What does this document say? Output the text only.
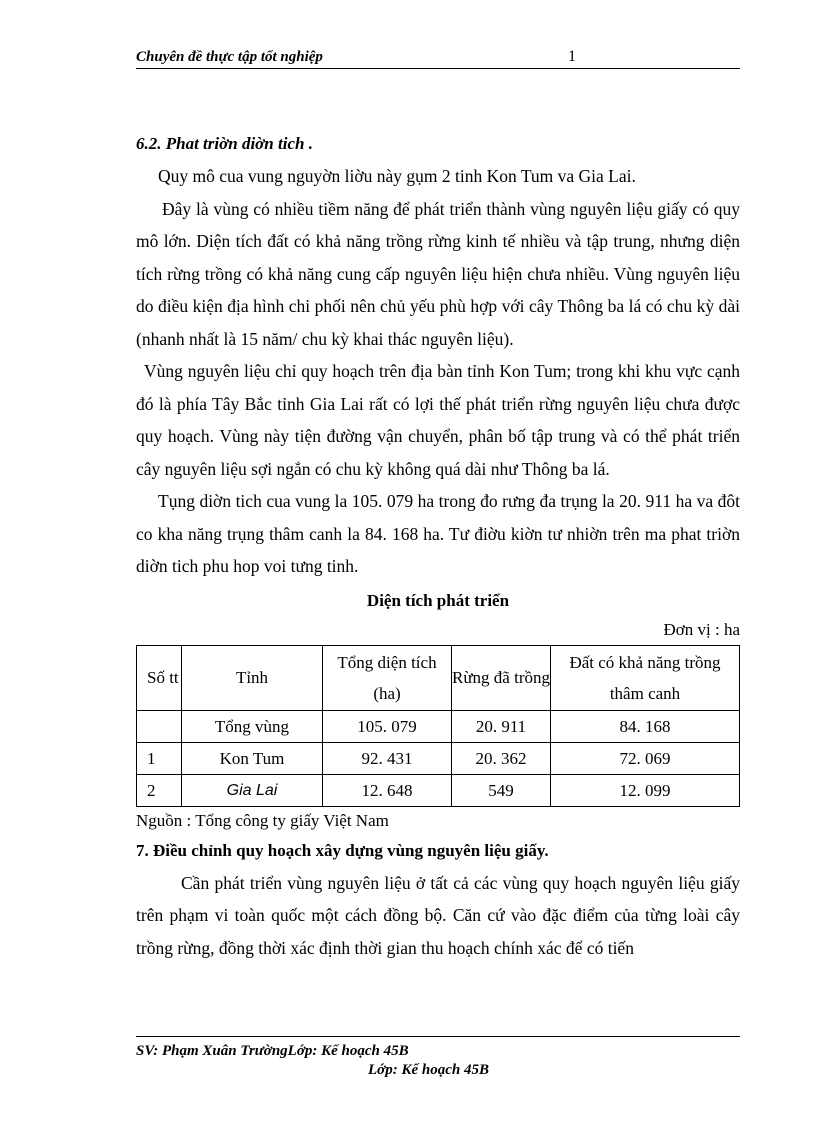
Chuyên đề thực tập tốt nghiệp	1

6.2. Phat triờn diờn tich .

Quy mô cua vung nguyờn liờu này gụm 2 tinh Kon Tum va Gia Lai.

Đây là vùng có nhiều tiềm năng để phát triển thành vùng nguyên liệu giấy có quy mô lớn. Diện tích đất có khả năng trồng rừng kinh tế nhiều và tập trung, nhưng diện tích rừng trồng có khả năng cung cấp nguyên liệu hiện chưa nhiều. Vùng nguyên liệu do điều kiện địa hình chi phối nên chủ yếu phù hợp với cây Thông ba lá có chu kỳ dài (nhanh nhất là 15 năm/ chu kỳ khai thác nguyên liệu).

Vùng nguyên liệu chỉ quy hoạch trên địa bàn tỉnh Kon Tum; trong khi khu vực cạnh đó là phía Tây Bắc tỉnh Gia Lai rất có lợi thế phát triển rừng nguyên liệu chưa được quy hoạch. Vùng này tiện đường vận chuyển, phân bố tập trung và có thể phát triển cây nguyên liệu sợi ngắn có chu kỳ không quá dài như Thông ba lá.

Tụng diờn tich cua vung la 105. 079 ha trong đo rưng đa trụng la 20. 911 ha va đôt co kha năng trụng thâm canh la 84. 168 ha. Tư điờu kiờn tư nhiờn trên ma phat triờn diờn tich phu hop voi tưng tinh.

Diện tích phát triển

Đơn vị : ha

Số tt	Tỉnh	Tổng diện tích (ha)	Rừng đã trồng	Đất có khả năng trồng thâm canh
	Tổng vùng	105. 079	20. 911	84. 168
1	Kon Tum	92. 431	20. 362	72. 069
2	Gia Lai	12. 648	549	12. 099

Nguồn : Tổng công ty giấy Việt Nam

7. Điều chỉnh quy hoạch xây dựng vùng nguyên liệu giấy.

Cần phát triển vùng nguyên liệu ở tất cả các vùng quy hoạch nguyên liệu giấy trên phạm vi toàn quốc một cách đồng bộ. Căn cứ vào đặc điểm của từng loài cây trồng rừng, đồng thời xác định thời gian thu hoạch chính xác để có tiến

SV: Phạm Xuân TrườngLớp: Kế hoạch 45B
Lớp: Kế hoạch 45B
